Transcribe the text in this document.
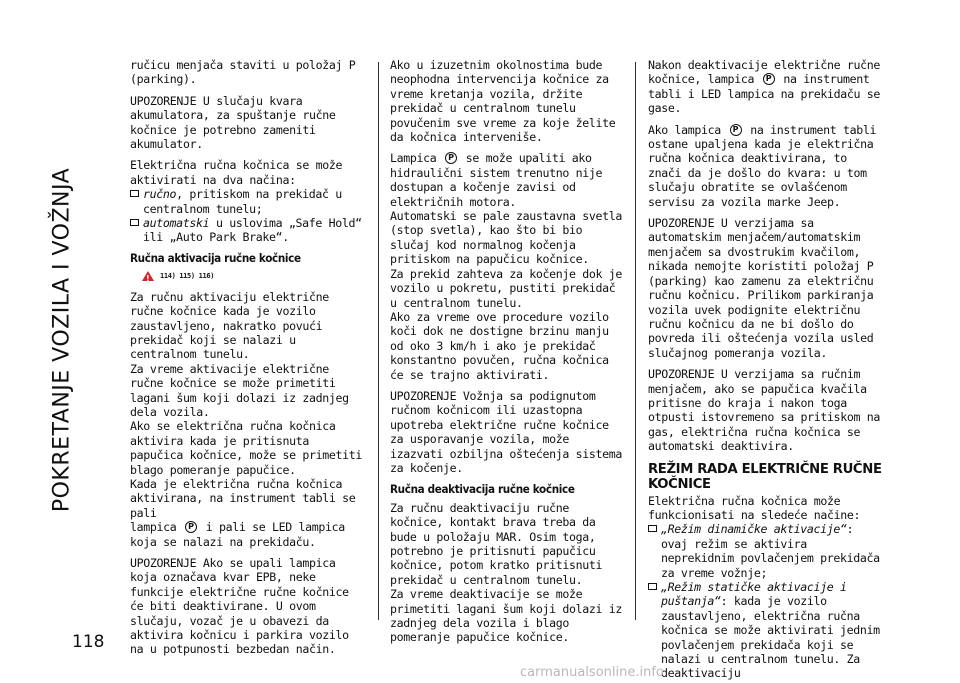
POKRETANJE VOZILA I VOŽNJA
118

ručicu menjača staviti u položaj P (parking).

UPOZORENJE U slučaju kvara akumulatora, za spuštanje ručne kočnice je potrebno zameniti akumulator.

Električna ručna kočnica se može aktivirati na dva načina:

ručno, pritiskom na prekidač u centralnom tunelu;
automatski u uslovima „Safe Hold“ ili „Auto Park Brake“.
Ručna aktivacija ručne kočnice
!
114) 115) 116)

Za ručnu aktivaciju električne ručne kočnice kada je vozilo zaustavljeno, nakratko povući prekidač koji se nalazi u centralnom tunelu.

Za vreme aktivacije električne ručne kočnice se može primetiti lagani šum koji dolazi iz zadnjeg dela vozila.

Ako se električna ručna kočnica aktivira kada je pritisnuta papučica kočnice, može se primetiti blago pomeranje papučice.

Kada je električna ručna kočnica aktivirana, na instrument tabli se pali

lampica P i pali se LED lampica koja se nalazi na prekidaču.

UPOZORENJE Ako se upali lampica koja označava kvar EPB, neke funkcije električne ručne kočnice će biti deaktivirane. U ovom slučaju, vozač je u obavezi da aktivira kočnicu i parkira vozilo na u potpunosti bezbedan način.

Ako u izuzetnim okolnostima bude neophodna intervencija kočnice za vreme kretanja vozila, držite prekidač u centralnom tunelu povučenim sve vreme za koje želite da kočnica interveniše.

Lampica P se može upaliti ako hidraulični sistem trenutno nije dostupan a kočenje zavisi od električnih motora.

Automatski se pale zaustavna svetla (stop svetla), kao što bi bio slučaj kod normalnog kočenja pritiskom na papučicu kočnice.

Za prekid zahteva za kočenje dok je vozilo u pokretu, pustiti prekidač u centralnom tunelu.

Ako za vreme ove procedure vozilo koči dok ne dostigne brzinu manju od oko 3 km/h i ako je prekidač konstantno povučen, ručna kočnica će se trajno aktivirati.

UPOZORENJE Vožnja sa podignutom ručnom kočnicom ili uzastopna upotreba električne ručne kočnice za usporavanje vozila, može izazvati ozbiljna oštećenja sistema za kočenje.

Ručna deaktivacija ručne kočnice

Za ručnu deaktivaciju ručne kočnice, kontakt brava treba da bude u položaju MAR. Osim toga, potrebno je pritisnuti papučicu kočnice, potom kratko pritisnuti prekidač u centralnom tunelu.

Za vreme deaktivacije se može primetiti lagani šum koji dolazi iz zadnjeg dela vozila i blago pomeranje papučice kočnice.

Nakon deaktivacije električne ručne kočnice, lampica P na instrument tabli i LED lampica na prekidaču se gase.

Ako lampica P na instrument tabli ostane upaljena kada je električna ručna kočnica deaktivirana, to znači da je došlo do kvara: u tom slučaju obratite se ovlašćenom servisu za vozila marke Jeep.

UPOZORENJE U verzijama sa automatskim menjačem/automatskim menjačem sa dvostrukim kvačilom, nikada nemojte koristiti položaj P (parking) kao zamenu za električnu ručnu kočnicu. Prilikom parkiranja vozila uvek podignite električnu ručnu kočnicu da ne bi došlo do povreda ili oštećenja vozila usled slučajnog pomeranja vozila.

UPOZORENJE U verzijama sa ručnim menjačem, ako se papučica kvačila pritisne do kraja i nakon toga otpusti istovremeno sa pritiskom na gas, električna ručna kočnica se automatski deaktivira.

REŽIM RADA ELEKTRIČNE RUČNE KOČNICE

Električna ručna kočnica može funkcionisati na sledeće načine:

„Režim dinamičke aktivacije“: ovaj režim se aktivira neprekidnim povlačenjem prekidača za vreme vožnje;
„Režim statičke aktivacije i puštanja“: kada je vozilo zaustavljeno, električna ručna kočnica se može aktivirati jednim povlačenjem prekidača koji se nalazi u centralnom tunelu. Za deaktivaciju
carmanualsonline.info
